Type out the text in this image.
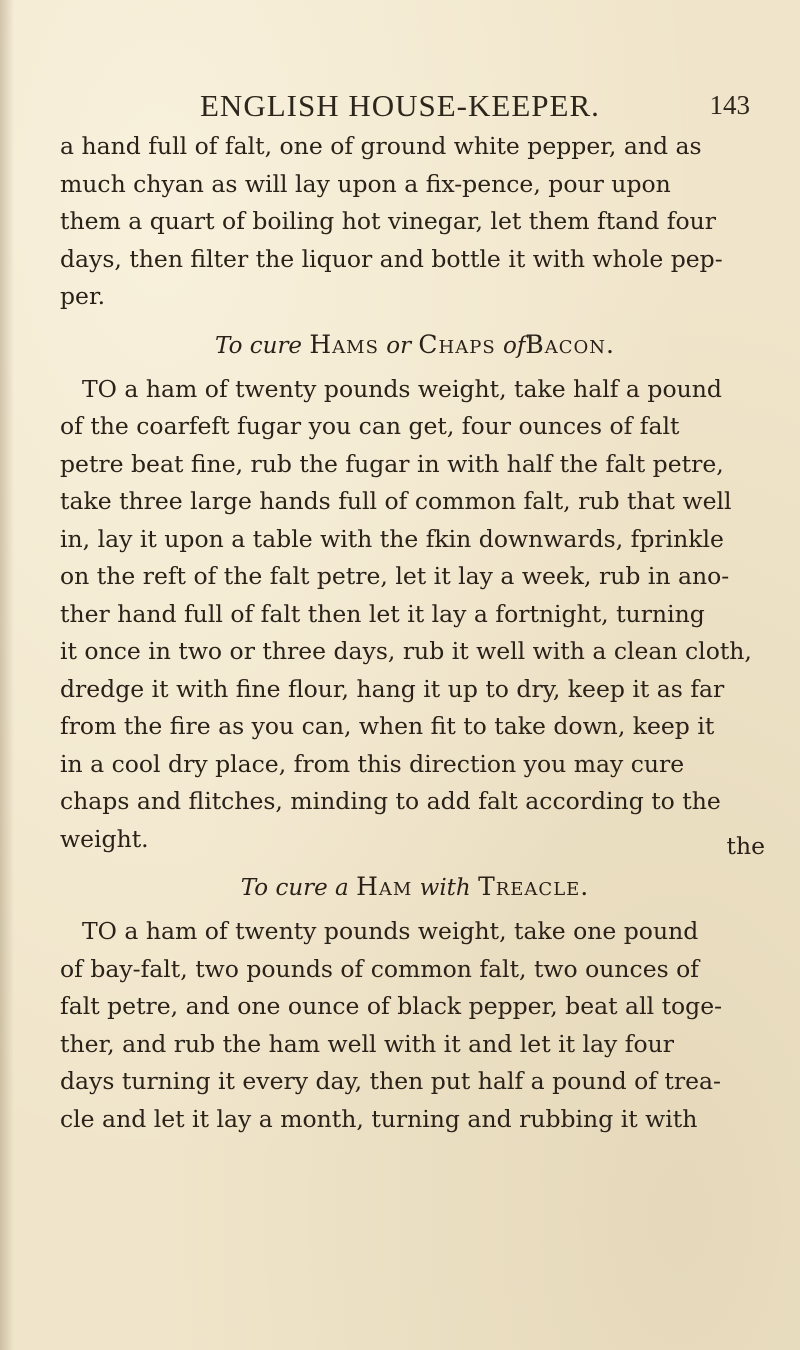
ENGLISH HOUSE-KEEPER.	143

a hand full of falt, one of ground white pepper, and as
much chyan as will lay upon a fix-pence, pour upon
them a quart of boiling hot vinegar, let them ftand four
days, then filter the liquor and bottle it with whole pep-
per.

To cure Hams or Chaps ofBacon.

TO a ham of twenty pounds weight, take half a pound
of the coarfeft fugar you can get, four ounces of falt
petre beat fine, rub the fugar in with half the falt petre,
take three large hands full of common falt, rub that well
in, lay it upon a table with the fkin downwards, fprinkle
on the reft of the falt petre, let it lay a week, rub in ano-
ther hand full of falt then let it lay a fortnight, turning
it once in two or three days, rub it well with a clean cloth,
dredge it with fine flour, hang it up to dry, keep it as far
from the fire as you can, when fit to take down, keep it
in a cool dry place, from this direction you may cure
chaps and flitches, minding to add falt according to the
weight.

To cure a Ham with Treacle.

TO a ham of twenty pounds weight, take one pound
of bay-falt, two pounds of common falt, two ounces of
falt petre, and one ounce of black pepper, beat all toge-
ther, and rub the ham well with it and let it lay four
days turning it every day, then put half a pound of trea-
cle and let it lay a month, turning and rubbing it with

the
